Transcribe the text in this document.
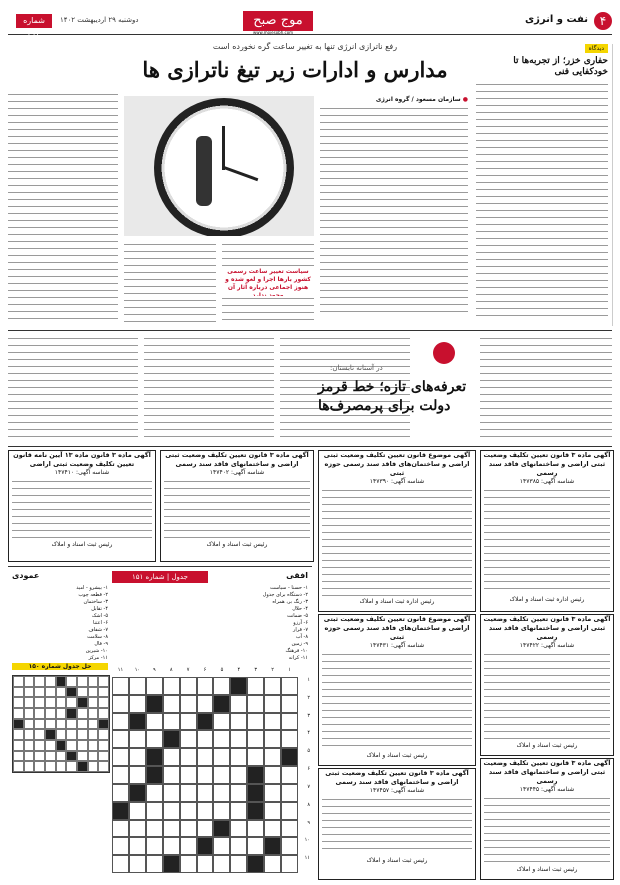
۴
نفت و انرژی
موج صبح
www.mojesobh.com
دوشنبه ۲۹ اردیبهشت ۱۴۰۲
شماره ۳۱۳
رفع ناترازی انرژی تنها به تغییر ساعت گره نخورده است
مدارس و ادارات زیر تیغ ناترازی ها
● سازمان مسعود / گروه انرژی
سیاست تغییر ساعت رسمی کشور بارها اجرا و لغو شده و هنوز اجماعی درباره آثار آن
دیدگاه
حفاری خزر؛ از تجربه‌ها تا خودکفایی فنی
در آستانه تابستان:
تعرفه‌های تازه؛ خط قرمز دولت برای پرمصرف‌ها
آگهی ماده ۳ قانون تعیین تکلیف وضعیت ثبتی اراضی و ساختمانهای فاقد سند رسمی
شناسه آگهی: ۱۴۷۳۸۵
رئیس اداره ثبت اسناد و املاک
آگهی موضوع قانون تعیین تکلیف وضعیت ثبتی اراضی و ساختمان‌های فاقد سند رسمی حوزه ثبتی
شناسه آگهی: ۱۴۷۳۹۰
رئیس اداره ثبت اسناد و املاک
آگهی ماده ۳ قانون تعیین تکلیف وضعیت ثبتی اراضی و ساختمانهای فاقد سند رسمی
شناسه آگهی: ۱۴۷۴۰۲
رئیس ثبت اسناد و املاک
آگهی ماده ۳ قانون ماده ۱۳ آیین نامه قانون تعیین تکلیف وضعیت ثبتی اراضی
شناسه آگهی: ۱۴۷۴۱۰
رئیس ثبت اسناد و املاک
آگهی ماده ۳ قانون تعیین تکلیف وضعیت ثبتی اراضی و ساختمانهای فاقد سند رسمی
شناسه آگهی: ۱۴۷۴۲۲
رئیس ثبت اسناد و املاک
آگهی موضوع قانون تعیین تکلیف وضعیت ثبتی اراضی و ساختمان‌های فاقد سند رسمی حوزه ثبتی
شناسه آگهی: ۱۴۷۴۳۱
رئیس ثبت اسناد و املاک
آگهی ماده ۳ قانون تعیین تکلیف وضعیت ثبتی اراضی و ساختمانهای فاقد سند رسمی
شناسه آگهی: ۱۴۷۴۴۵
رئیس ثبت اسناد و املاک
آگهی ماده ۳ قانون تعیین تکلیف وضعیت ثبتی اراضی و ساختمانهای فاقد سند رسمی
شناسه آگهی: ۱۴۷۴۵۷
رئیس ثبت اسناد و املاک
جدول | شماره ۱۵۱	افقی
عمودی
۱- حسنا - سیاست
۲- دستگاه برای جدول
۳- رنگ بر، همراه
۴- حلال
۵- ضمانت
۶- آرزو
۷- قرار
۸- آب
۹- زمین
۱۰- فرهنگ
۱۱- کرانه
۱- بیشرو - امید
۲- قطعه چوب
۳- ساختمان
۴- تقابل
۵- اشک
۶- اعتنا
۷- شفاف
۸- سلامت
۹- فال
۱۰- شیرین
۱۱- مرکز
۱
۲
۳
۴
۵
۶
۷
۸
۹
۱۰
۱۱
۱
۲
۳
۴
۵
۶
۷
۸
۹
۱۰
۱۱
حل جدول شماره ۱۵۰
